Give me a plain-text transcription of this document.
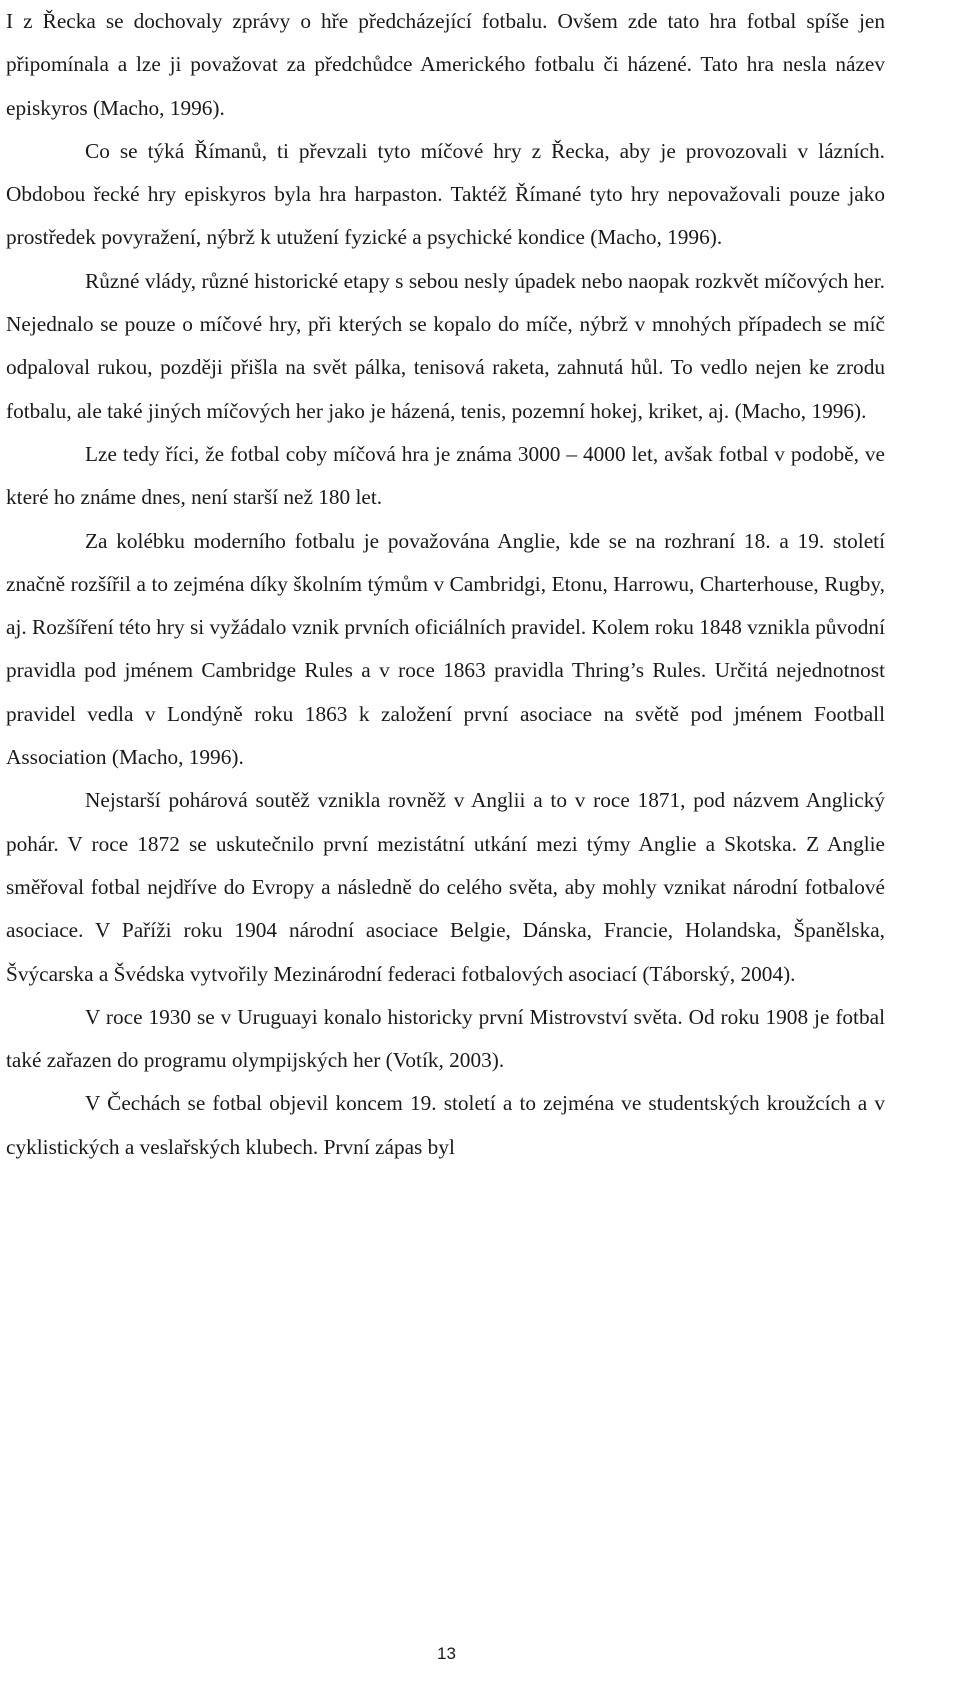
I z Řecka se dochovaly zprávy o hře předcházející fotbalu. Ovšem zde tato hra fotbal spíše jen připomínala a lze ji považovat za předchůdce Amerického fotbalu či házené. Tato hra nesla název episkyros (Macho, 1996).

Co se týká Římanů, ti převzali tyto míčové hry z Řecka, aby je provozovali v lázních. Obdobou řecké hry episkyros byla hra harpaston. Taktéž Římané tyto hry nepovažovali pouze jako prostředek povyražení, nýbrž k utužení fyzické a psychické kondice (Macho, 1996).

Různé vlády, různé historické etapy s sebou nesly úpadek nebo naopak rozkvět míčových her. Nejednalo se pouze o míčové hry, při kterých se kopalo do míče, nýbrž v mnohých případech se míč odpaloval rukou, později přišla na svět pálka, tenisová raketa, zahnutá hůl. To vedlo nejen ke zrodu fotbalu, ale také jiných míčových her jako je házená, tenis, pozemní hokej, kriket, aj. (Macho, 1996).

Lze tedy říci, že fotbal coby míčová hra je známa 3000 – 4000 let, avšak fotbal v podobě, ve které ho známe dnes, není starší než 180 let.

Za kolébku moderního fotbalu je považována Anglie, kde se na rozhraní 18. a 19. století značně rozšířil a to zejména díky školním týmům v Cambridgi, Etonu, Harrowu, Charterhouse, Rugby, aj. Rozšíření této hry si vyžádalo vznik prvních oficiálních pravidel. Kolem roku 1848 vznikla původní pravidla pod jménem Cambridge Rules a v roce 1863 pravidla Thring’s Rules. Určitá nejednotnost pravidel vedla v Londýně roku 1863 k založení první asociace na světě pod jménem Football Association (Macho, 1996).

Nejstarší pohárová soutěž vznikla rovněž v Anglii a to v roce 1871, pod názvem Anglický pohár. V roce 1872 se uskutečnilo první mezistátní utkání mezi týmy Anglie a Skotska. Z Anglie směřoval fotbal nejdříve do Evropy a následně do celého světa, aby mohly vznikat národní fotbalové asociace. V Paříži roku 1904 národní asociace Belgie, Dánska, Francie, Holandska, Španělska, Švýcarska a Švédska vytvořily Mezinárodní federaci fotbalových asociací (Táborský, 2004).

V roce 1930 se v Uruguayi konalo historicky první Mistrovství světa. Od roku 1908 je fotbal také zařazen do programu olympijských her (Votík, 2003).

V Čechách se fotbal objevil koncem 19. století a to zejména ve studentských kroužcích a v cyklistických a veslařských klubech. První zápas byl

13
